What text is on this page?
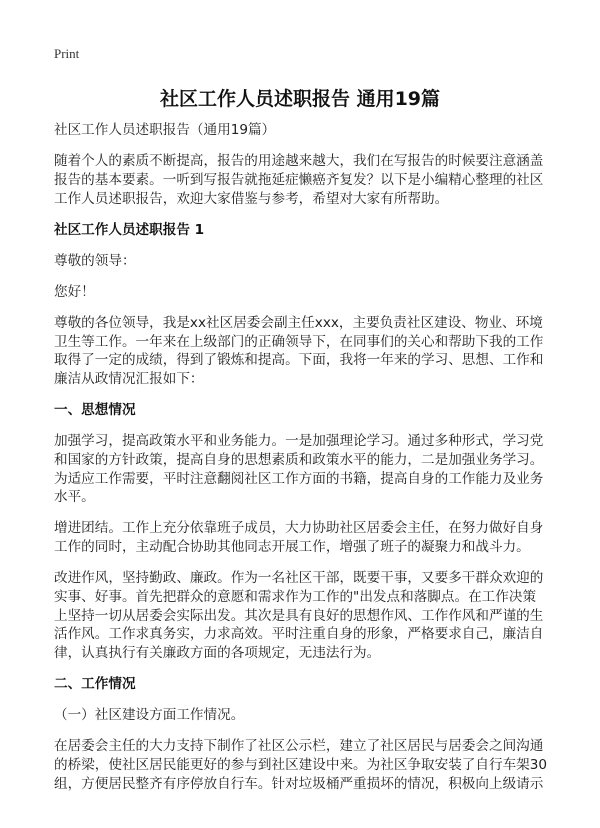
Print
社区工作人员述职报告 通用19篇
社区工作人员述职报告（通用19篇）
随着个人的素质不断提高，报告的用途越来越大，我们在写报告的时候要注意涵盖
报告的基本要素。一听到写报告就拖延症懒癌齐复发？以下是小编精心整理的社区
工作人员述职报告，欢迎大家借鉴与参考，希望对大家有所帮助。
社区工作人员述职报告 1
尊敬的领导：
您好！
尊敬的各位领导，我是xx社区居委会副主任xxx，主要负责社区建设、物业、环境
卫生等工作。一年来在上级部门的正确领导下，在同事们的关心和帮助下我的工作
取得了一定的成绩，得到了锻炼和提高。下面，我将一年来的学习、思想、工作和
廉洁从政情况汇报如下：
一、思想情况
加强学习，提高政策水平和业务能力。一是加强理论学习。通过多种形式，学习党
和国家的方针政策，提高自身的思想素质和政策水平的能力，二是加强业务学习。
为适应工作需要，平时注意翻阅社区工作方面的书籍，提高自身的工作能力及业务
水平。
增进团结。工作上充分依靠班子成员，大力协助社区居委会主任，在努力做好自身
工作的同时，主动配合协助其他同志开展工作，增强了班子的凝聚力和战斗力。
改进作风，坚持勤政、廉政。作为一名社区干部，既要干事，又要多干群众欢迎的
实事、好事。首先把群众的意愿和需求作为工作的"出发点和落脚点。在工作决策
上坚持一切从居委会实际出发。其次是具有良好的思想作风、工作作风和严谨的生
活作风。工作求真务实，力求高效。平时注重自身的形象，严格要求自己，廉洁自
律，认真执行有关廉政方面的各项规定，无违法行为。
二、工作情况
（一）社区建设方面工作情况。
在居委会主任的大力支持下制作了社区公示栏，建立了社区居民与居委会之间沟通
的桥梁，使社区居民能更好的参与到社区建设中来。为社区争取安装了自行车架30
组，方便居民整齐有序停放自行车。针对垃圾桶严重损坏的情况，积极向上级请示
